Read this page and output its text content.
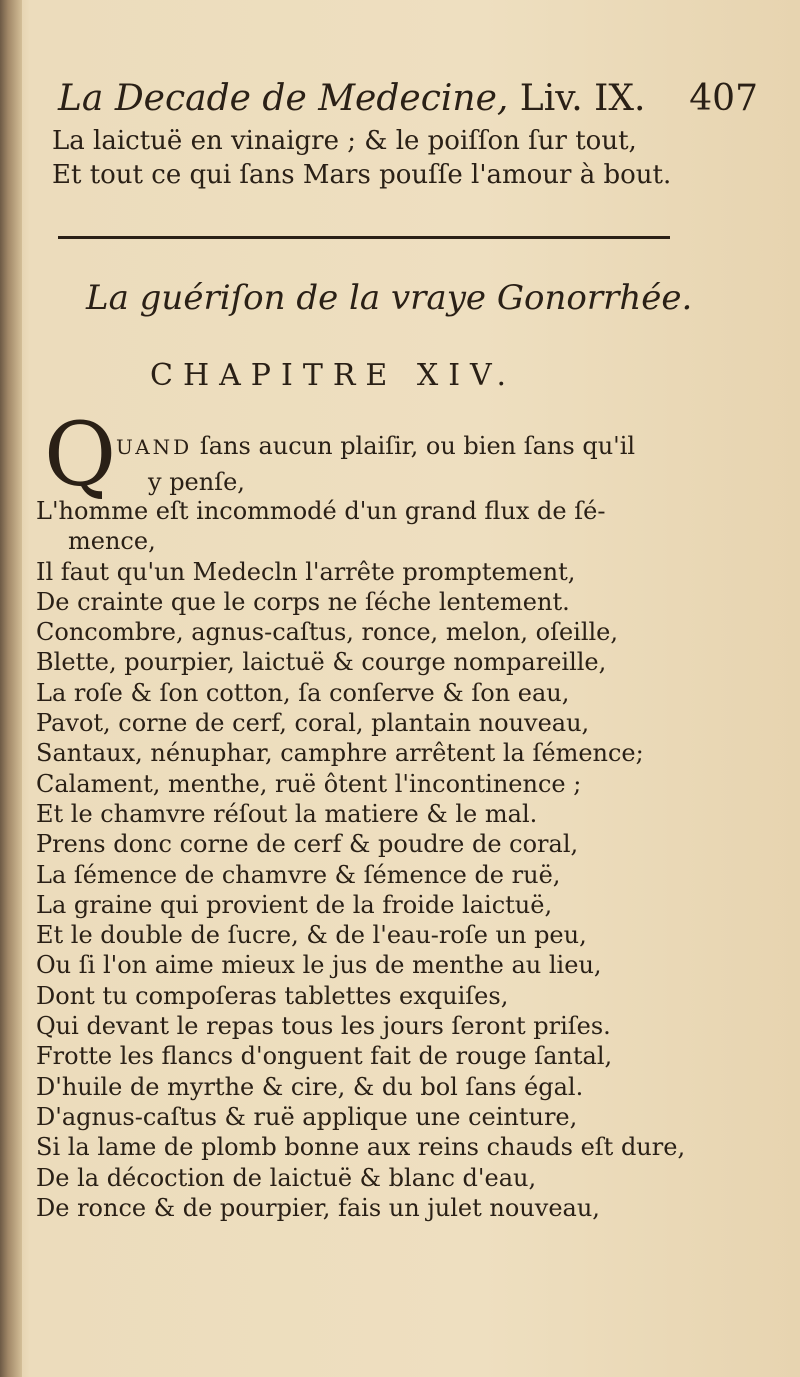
La Decade de Medecine, Liv. IX. 407
La laictuë en vinaigre ; & le poiſſon ſur tout,
Et tout ce qui ſans Mars pouſſe l'amour à bout.
La guériſon de la vraye Gonorrhée.
CHAPITRE XIV.
Q UAND ſans aucun plaiſir, ou bien ſans qu'il
y penſe,
L'homme eſt incommodé d'un grand flux de ſé-
mence,
Il faut qu'un Medecln l'arrête promptement,
De crainte que le corps ne ſéche lentement.
Concombre, agnus-caſtus, ronce, melon, oſeille,
Blette, pourpier, laictuë & courge nompareille,
La roſe & ſon cotton, ſa conſerve & ſon eau,
Pavot, corne de cerf, coral, plantain nouveau,
Santaux, nénuphar, camphre arrêtent la ſémence;
Calament, menthe, ruë ôtent l'incontinence ;
Et le chamvre réſout la matiere & le mal.
Prens donc corne de cerf & poudre de coral,
La ſémence de chamvre & ſémence de ruë,
La graine qui provient de la froide laictuë,
Et le double de ſucre, & de l'eau-roſe un peu,
Ou ſi l'on aime mieux le jus de menthe au lieu,
Dont tu compoſeras tablettes exquiſes,
Qui devant le repas tous les jours ſeront priſes.
Frotte les flancs d'onguent fait de rouge ſantal,
D'huile de myrthe & cire, & du bol ſans égal.
D'agnus-caſtus & ruë applique une ceinture,
Si la lame de plomb bonne aux reins chauds eſt dure,
De la décoction de laictuë & blanc d'eau,
De ronce & de pourpier, fais un julet nouveau,
